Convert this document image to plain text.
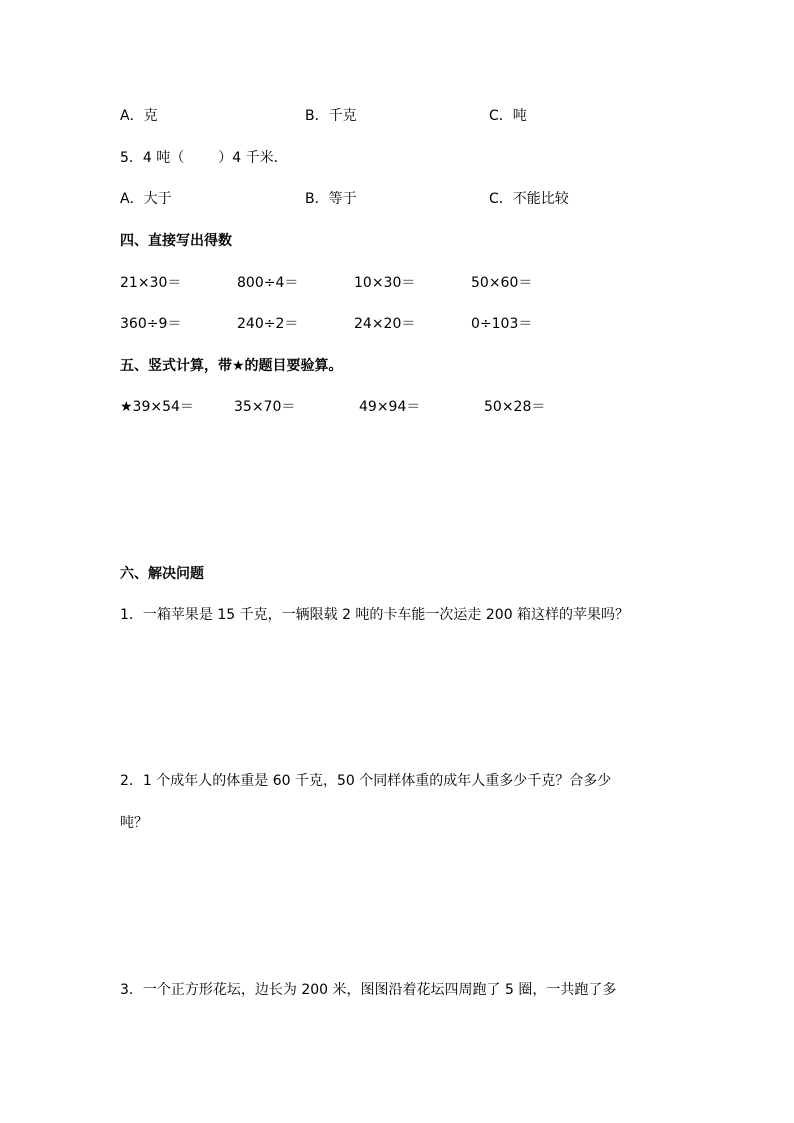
A．克	B．千克	C．吨
5．4 吨（ ）4 千米．
A．大于	B．等于	C．不能比较
四、直接写出得数
21×30＝	800÷4＝	10×30＝	50×60＝
360÷9＝	240÷2＝	24×20＝	0÷103＝
五、竖式计算，带★的题目要验算。
★39×54＝	35×70＝	49×94＝	50×28＝
六、解决问题
1．一箱苹果是 15 千克，一辆限载 2 吨的卡车能一次运走 200 箱这样的苹果吗？
2．1 个成年人的体重是 60 千克，50 个同样体重的成年人重多少千克？合多少
吨？
3．一个正方形花坛，边长为 200 米，图图沿着花坛四周跑了 5 圈，一共跑了多
